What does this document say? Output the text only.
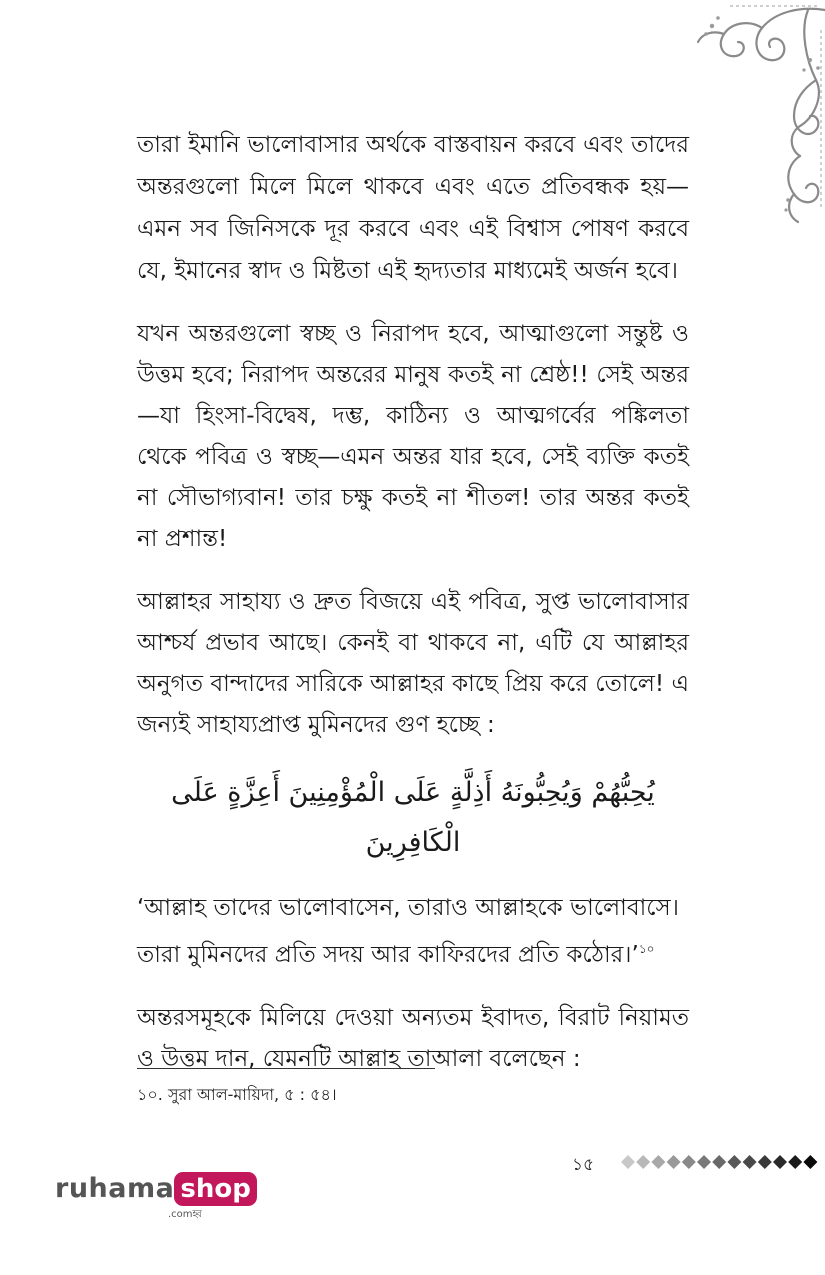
তারা ইমানি ভালোবাসার অর্থকে বাস্তবায়ন করবে এবং তাদের অন্তরগুলো মিলে মিলে থাকবে এবং এতে প্রতিবন্ধক হয়—এমন সব জিনিসকে দূর করবে এবং এই বিশ্বাস পোষণ করবে যে, ইমানের স্বাদ ও মিষ্টতা এই হৃদ্যতার মাধ্যমেই অর্জন হবে।

যখন অন্তরগুলো স্বচ্ছ ও নিরাপদ হবে, আত্মাগুলো সন্তুষ্ট ও উত্তম হবে; নিরাপদ অন্তরের মানুষ কতই না শ্রেষ্ঠ!! সেই অন্তর—যা হিংসা-বিদ্বেষ, দম্ভ, কাঠিন্য ও আত্মগর্বের পঙ্কিলতা থেকে পবিত্র ও স্বচ্ছ—এমন অন্তর যার হবে, সেই ব্যক্তি কতই না সৌভাগ্যবান! তার চক্ষু কতই না শীতল! তার অন্তর কতই না প্রশান্ত!

আল্লাহর সাহায্য ও দ্রুত বিজয়ে এই পবিত্র, সুপ্ত ভালোবাসার আশ্চর্য প্রভাব আছে। কেনই বা থাকবে না, এটি যে আল্লাহর অনুগত বান্দাদের সারিকে আল্লাহর কাছে প্রিয় করে তোলে! এ জন্যই সাহায্যপ্রাপ্ত মুমিনদের গুণ হচ্ছে :

يُحِبُّهُمْ وَيُحِبُّونَهُ أَذِلَّةٍ عَلَى الْمُؤْمِنِينَ أَعِزَّةٍ عَلَى الْكَافِرِينَ

‘আল্লাহ তাদের ভালোবাসেন, তারাও আল্লাহকে ভালোবাসে। তারা মুমিনদের প্রতি সদয় আর কাফিরদের প্রতি কঠোর।’$^{১০}$

অন্তরসমূহকে মিলিয়ে দেওয়া অন্যতম ইবাদত, বিরাট নিয়ামত ও উত্তম দান, যেমনটি আল্লাহ তাআলা বলেছেন :

১০. সুরা আল-মায়িদা, ৫ : ৫৪।
১৫
ruhama shop
.comহ্ব
